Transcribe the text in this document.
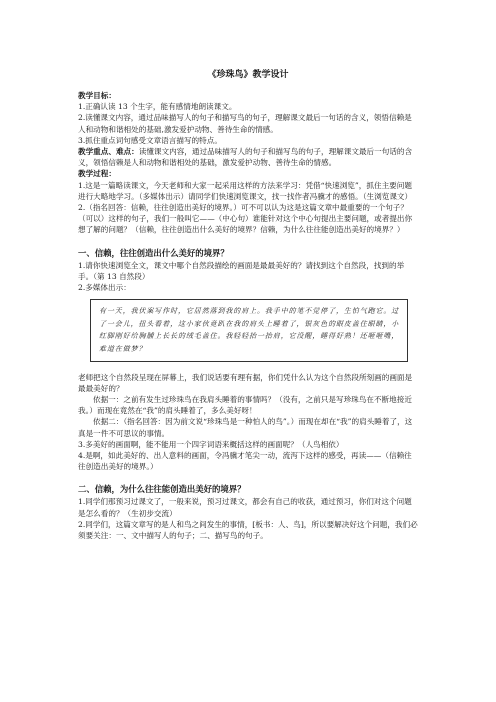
《珍珠鸟》教学设计

教学目标：

1.正确认读 13 个生字，能有感情地朗读课文。

2.读懂课文内容，通过品味描写人的句子和描写鸟的句子，理解课文最后一句话的含义，领悟信赖是人和动物和谐相处的基础,激发爱护动物、善待生命的情感。

3.抓住重点词句感受文章语言描写的特点。

教学重点、难点：读懂课文内容，通过品味描写人的句子和描写鸟的句子，理解课文最后一句话的含义，领悟信赖是人和动物和谐相处的基础，激发爱护动物、善待生命的情感。

教学过程：

1.这是一篇略读课文，今天老师和大家一起采用这样的方法来学习：凭借“快速浏览”，抓住主要问题进行大略地学习。（多媒体出示）请同学们快速浏览课文，找一找作者冯骥才的感悟。（生浏览课文）

2.（指名回答：信赖，往往创造出美好的境界。）可不可以认为这是这篇文章中最重要的一个句子？（可以）这样的句子，我们一般叫它——（中心句）谁能针对这个中心句提出主要问题，或者提出你想了解的问题？（信赖，往往创造出什么美好的境界？信赖，为什么往往能创造出美好的境界？）

一、信赖，往往创造出什么美好的境界？

1.请你快速浏览全文，课文中哪个自然段描绘的画面是最最美好的？请找到这个自然段，找到的举手。（第 13 自然段）

2.多媒体出示：

有一天，我伏案写作时，它居然落到我的肩上。我手中的笔不觉停了，生怕气跑它。过了一会儿，扭头看着，这小家伙竟趴在我的肩头上睡着了，银灰色的眼皮盖住眼睛，小红脚刚好给胸脯上长长的绒毛盖住。我轻轻抬一抬肩，它没醒，睡得好熟！还咂咂嘴，难道在做梦？

老师把这个自然段呈现在屏幕上，我们说话要有理有据，你们凭什么认为这个自然段所刻画的画面是最最美好的？

依据一：之前有发生过珍珠鸟在我肩头睡着的事情吗？（没有，之前只是写珍珠鸟在不断地接近我。）而现在竟然在“我”的肩头睡着了，多么美好呀！

依据二：（指名回答：因为前文说“珍珠鸟是一种怕人的鸟”。）而现在却在“我”的肩头睡着了，这真是一件不可思议的事情。

3.多美好的画面啊，能不能用一个四字词语来概括这样的画面呢？（人鸟相依）

4.是啊，如此美好的、出人意料的画面，令冯骥才笔尖一动，流泻下这样的感受，再读——（信赖往往创造出美好的境界。）

二、信赖，为什么往往能创造出美好的境界？

1.同学们那预习过课文了，一般来说，预习过课文，都会有自己的收获，通过预习，你们对这个问题是怎么看的？（生初步交流）

2.同学们，这篇文章写的是人和鸟之间发生的事情，[板书：人、鸟]，所以要解决好这个问题，我们必须要关注：一、文中描写人的句子；二、描写鸟的句子。
